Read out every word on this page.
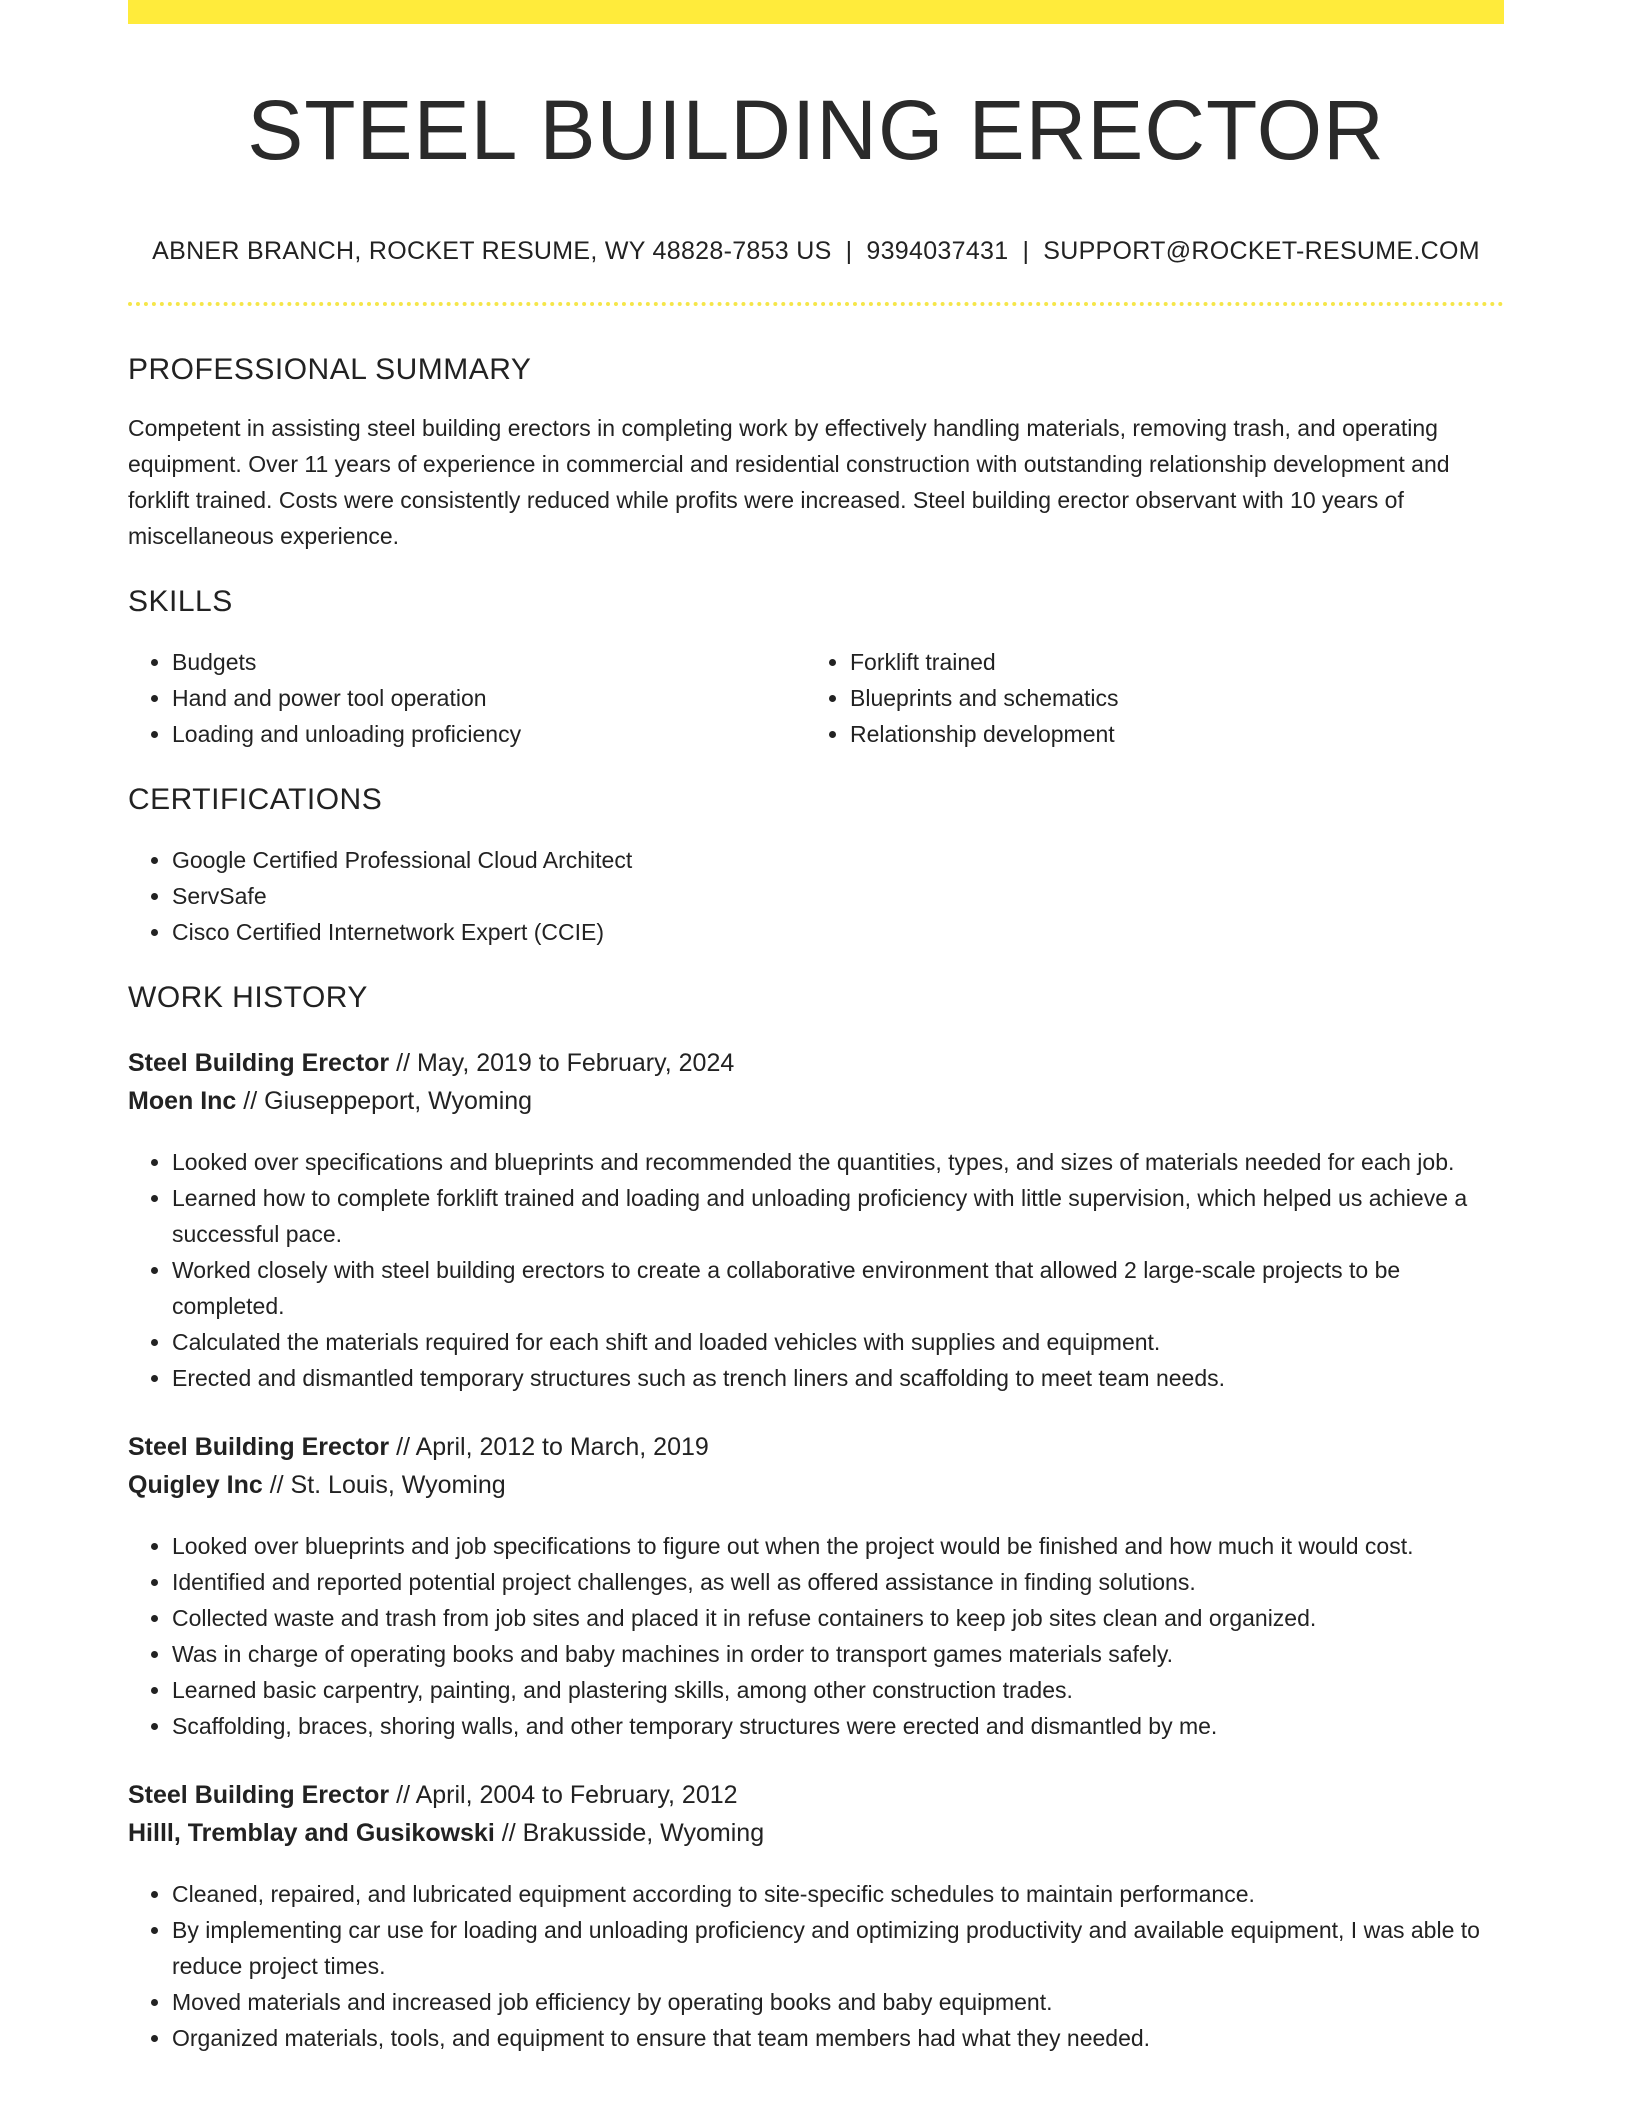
STEEL BUILDING ERECTOR
ABNER BRANCH, ROCKET RESUME, WY 48828-7853 US | 9394037431 | SUPPORT@ROCKET-RESUME.COM
PROFESSIONAL SUMMARY

Competent in assisting steel building erectors in completing work by effectively handling materials, removing trash, and operating equipment. Over 11 years of experience in commercial and residential construction with outstanding relationship development and forklift trained. Costs were consistently reduced while profits were increased. Steel building erector observant with 10 years of miscellaneous experience.

SKILLS
• Budgets
• Hand and power tool operation
• Loading and unloading proficiency
• Forklift trained
• Blueprints and schematics
• Relationship development
CERTIFICATIONS
• Google Certified Professional Cloud Architect
• ServSafe
• Cisco Certified Internetwork Expert (CCIE)
WORK HISTORY
Steel Building Erector // May, 2019 to February, 2024
Moen Inc // Giuseppeport, Wyoming
• Looked over specifications and blueprints and recommended the quantities, types, and sizes of materials needed for each job.
• Learned how to complete forklift trained and loading and unloading proficiency with little supervision, which helped us achieve a successful pace.
• Worked closely with steel building erectors to create a collaborative environment that allowed 2 large-scale projects to be completed.
• Calculated the materials required for each shift and loaded vehicles with supplies and equipment.
• Erected and dismantled temporary structures such as trench liners and scaffolding to meet team needs.
Steel Building Erector // April, 2012 to March, 2019
Quigley Inc // St. Louis, Wyoming
• Looked over blueprints and job specifications to figure out when the project would be finished and how much it would cost.
• Identified and reported potential project challenges, as well as offered assistance in finding solutions.
• Collected waste and trash from job sites and placed it in refuse containers to keep job sites clean and organized.
• Was in charge of operating books and baby machines in order to transport games materials safely.
• Learned basic carpentry, painting, and plastering skills, among other construction trades.
• Scaffolding, braces, shoring walls, and other temporary structures were erected and dismantled by me.
Steel Building Erector // April, 2004 to February, 2012
Hilll, Tremblay and Gusikowski // Brakusside, Wyoming
• Cleaned, repaired, and lubricated equipment according to site-specific schedules to maintain performance.
• By implementing car use for loading and unloading proficiency and optimizing productivity and available equipment, I was able to reduce project times.
• Moved materials and increased job efficiency by operating books and baby equipment.
• Organized materials, tools, and equipment to ensure that team members had what they needed.
